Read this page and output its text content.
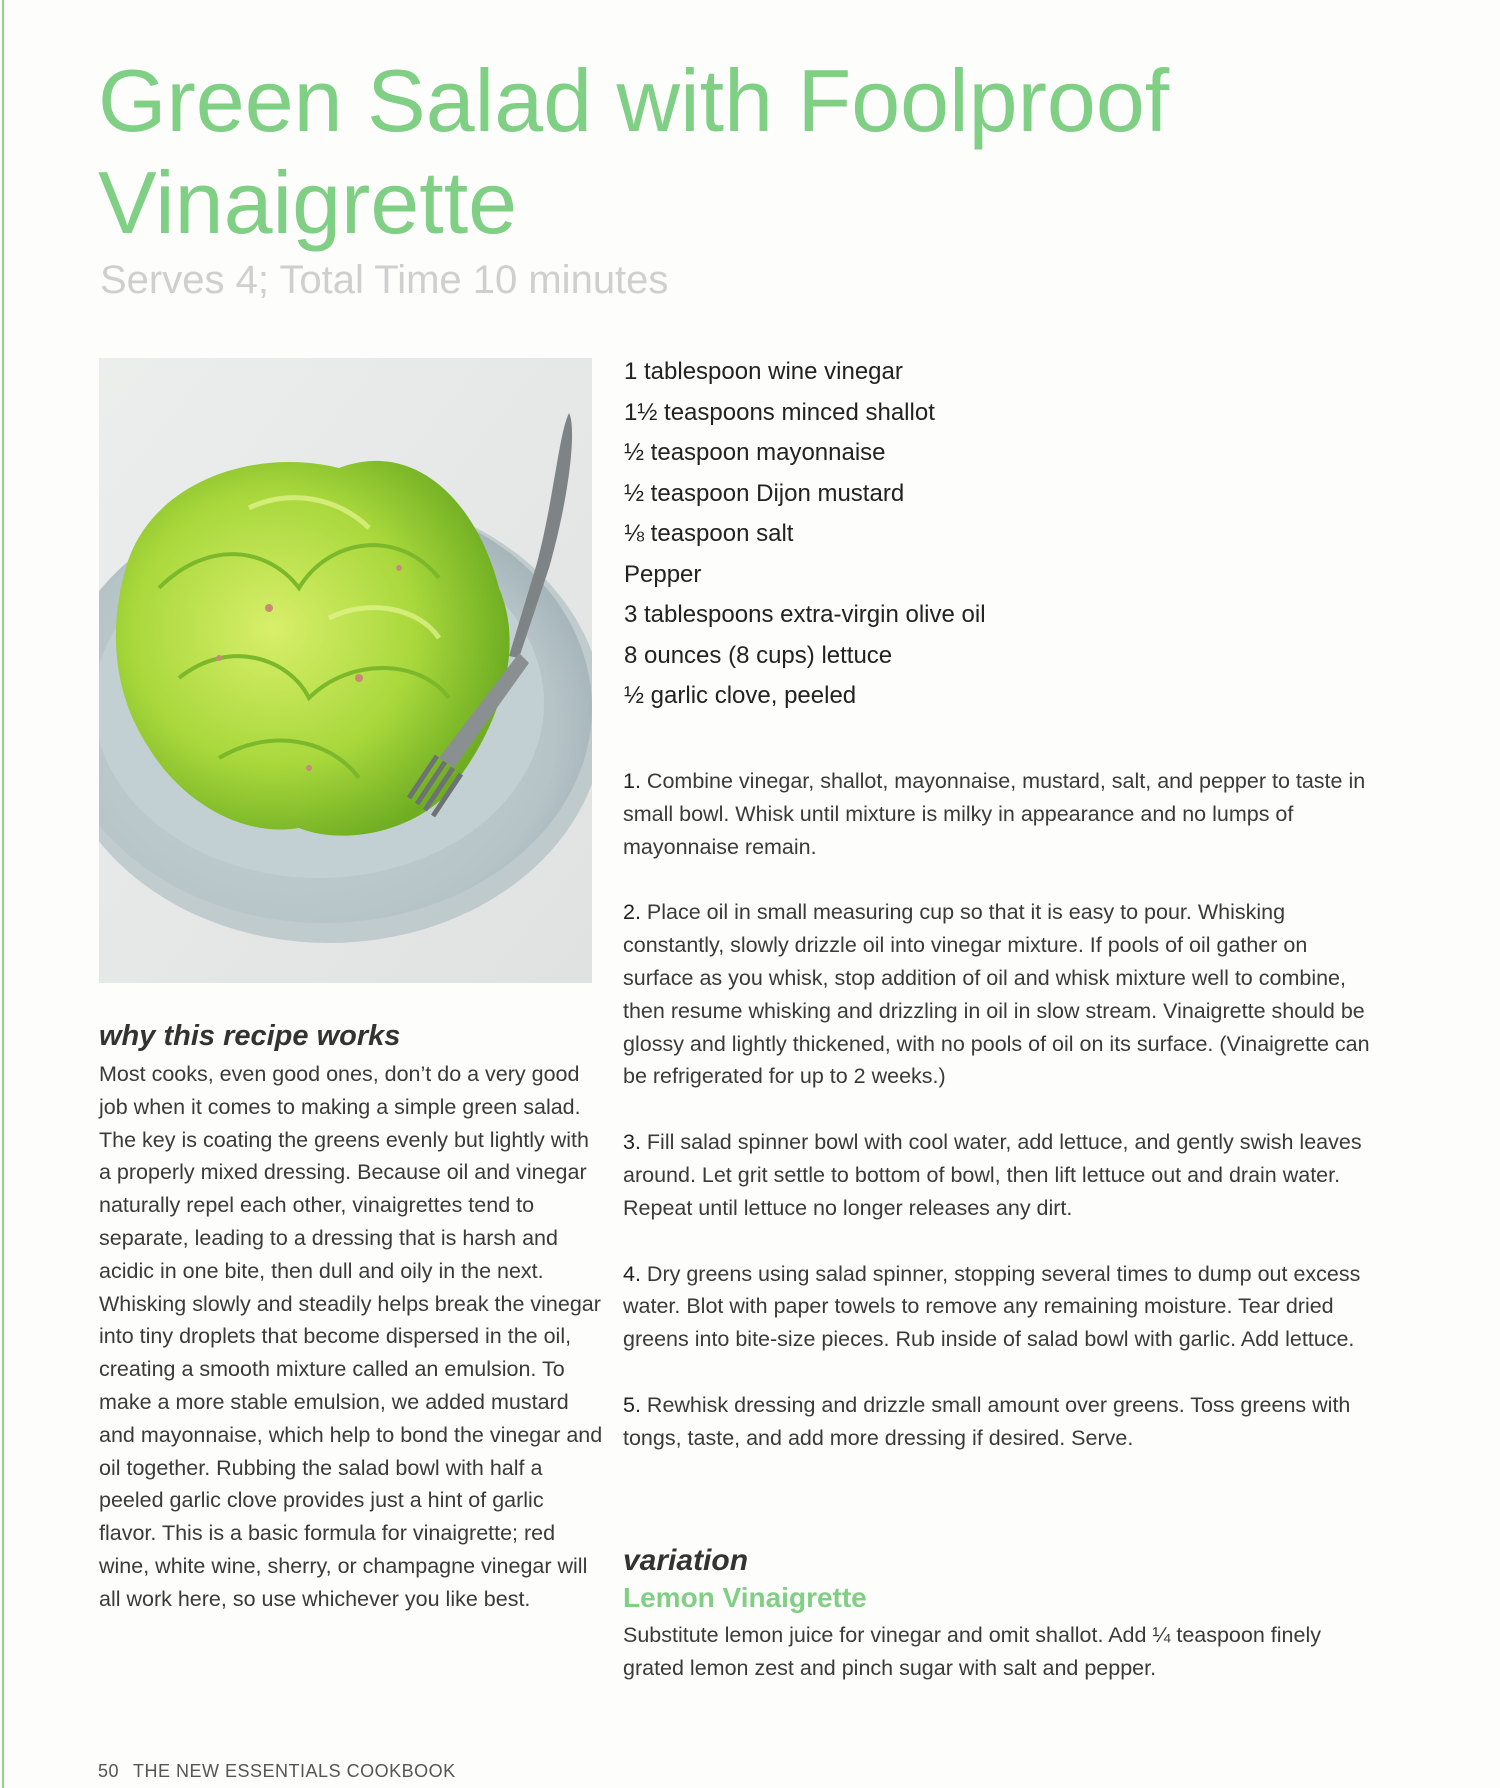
Green Salad with Foolproof
Vinaigrette

Serves 4; Total Time 10 minutes

1 tablespoon wine vinegar
1½ teaspoons minced shallot
½ teaspoon mayonnaise
½ teaspoon Dijon mustard
⅛ teaspoon salt
Pepper
3 tablespoons extra-virgin olive oil
8 ounces (8 cups) lettuce
½ garlic clove, peeled

1. Combine vinegar, shallot, mayonnaise, mustard, salt, and pepper to taste in small bowl. Whisk until mixture is milky in appearance and no lumps of mayonnaise remain.

2. Place oil in small measuring cup so that it is easy to pour. Whisking constantly, slowly drizzle oil into vinegar mixture. If pools of oil gather on surface as you whisk, stop addition of oil and whisk mixture well to combine, then resume whisking and drizzling in oil in slow stream. Vinaigrette should be glossy and lightly thickened, with no pools of oil on its surface. (Vinaigrette can be refrigerated for up to 2 weeks.)

3. Fill salad spinner bowl with cool water, add lettuce, and gently swish leaves around. Let grit settle to bottom of bowl, then lift lettuce out and drain water. Repeat until lettuce no longer releases any dirt.

4. Dry greens using salad spinner, stopping several times to dump out excess water. Blot with paper towels to remove any remaining moisture. Tear dried greens into bite-size pieces. Rub inside of salad bowl with garlic. Add lettuce.

5. Rewhisk dressing and drizzle small amount over greens. Toss greens with tongs, taste, and add more dressing if desired. Serve.

variation
Lemon Vinaigrette

Substitute lemon juice for vinegar and omit shallot. Add ¼ teaspoon finely grated lemon zest and pinch sugar with salt and pepper.

why this recipe works

Most cooks, even good ones, don’t do a very good job when it comes to making a simple green salad. The key is coating the greens evenly but lightly with a properly mixed dressing. Because oil and vinegar naturally repel each other, vinaigrettes tend to separate, leading to a dressing that is harsh and acidic in one bite, then dull and oily in the next. Whisking slowly and steadily helps break the vinegar into tiny droplets that become dispersed in the oil, creating a smooth mixture called an emulsion. To make a more stable emulsion, we added mustard and mayonnaise, which help to bond the vinegar and oil together. Rubbing the salad bowl with half a peeled garlic clove provides just a hint of garlic flavor. This is a basic formula for vinaigrette; red wine, white wine, sherry, or champagne vinegar will all work here, so use whichever you like best.

50 THE NEW ESSENTIALS COOKBOOK
